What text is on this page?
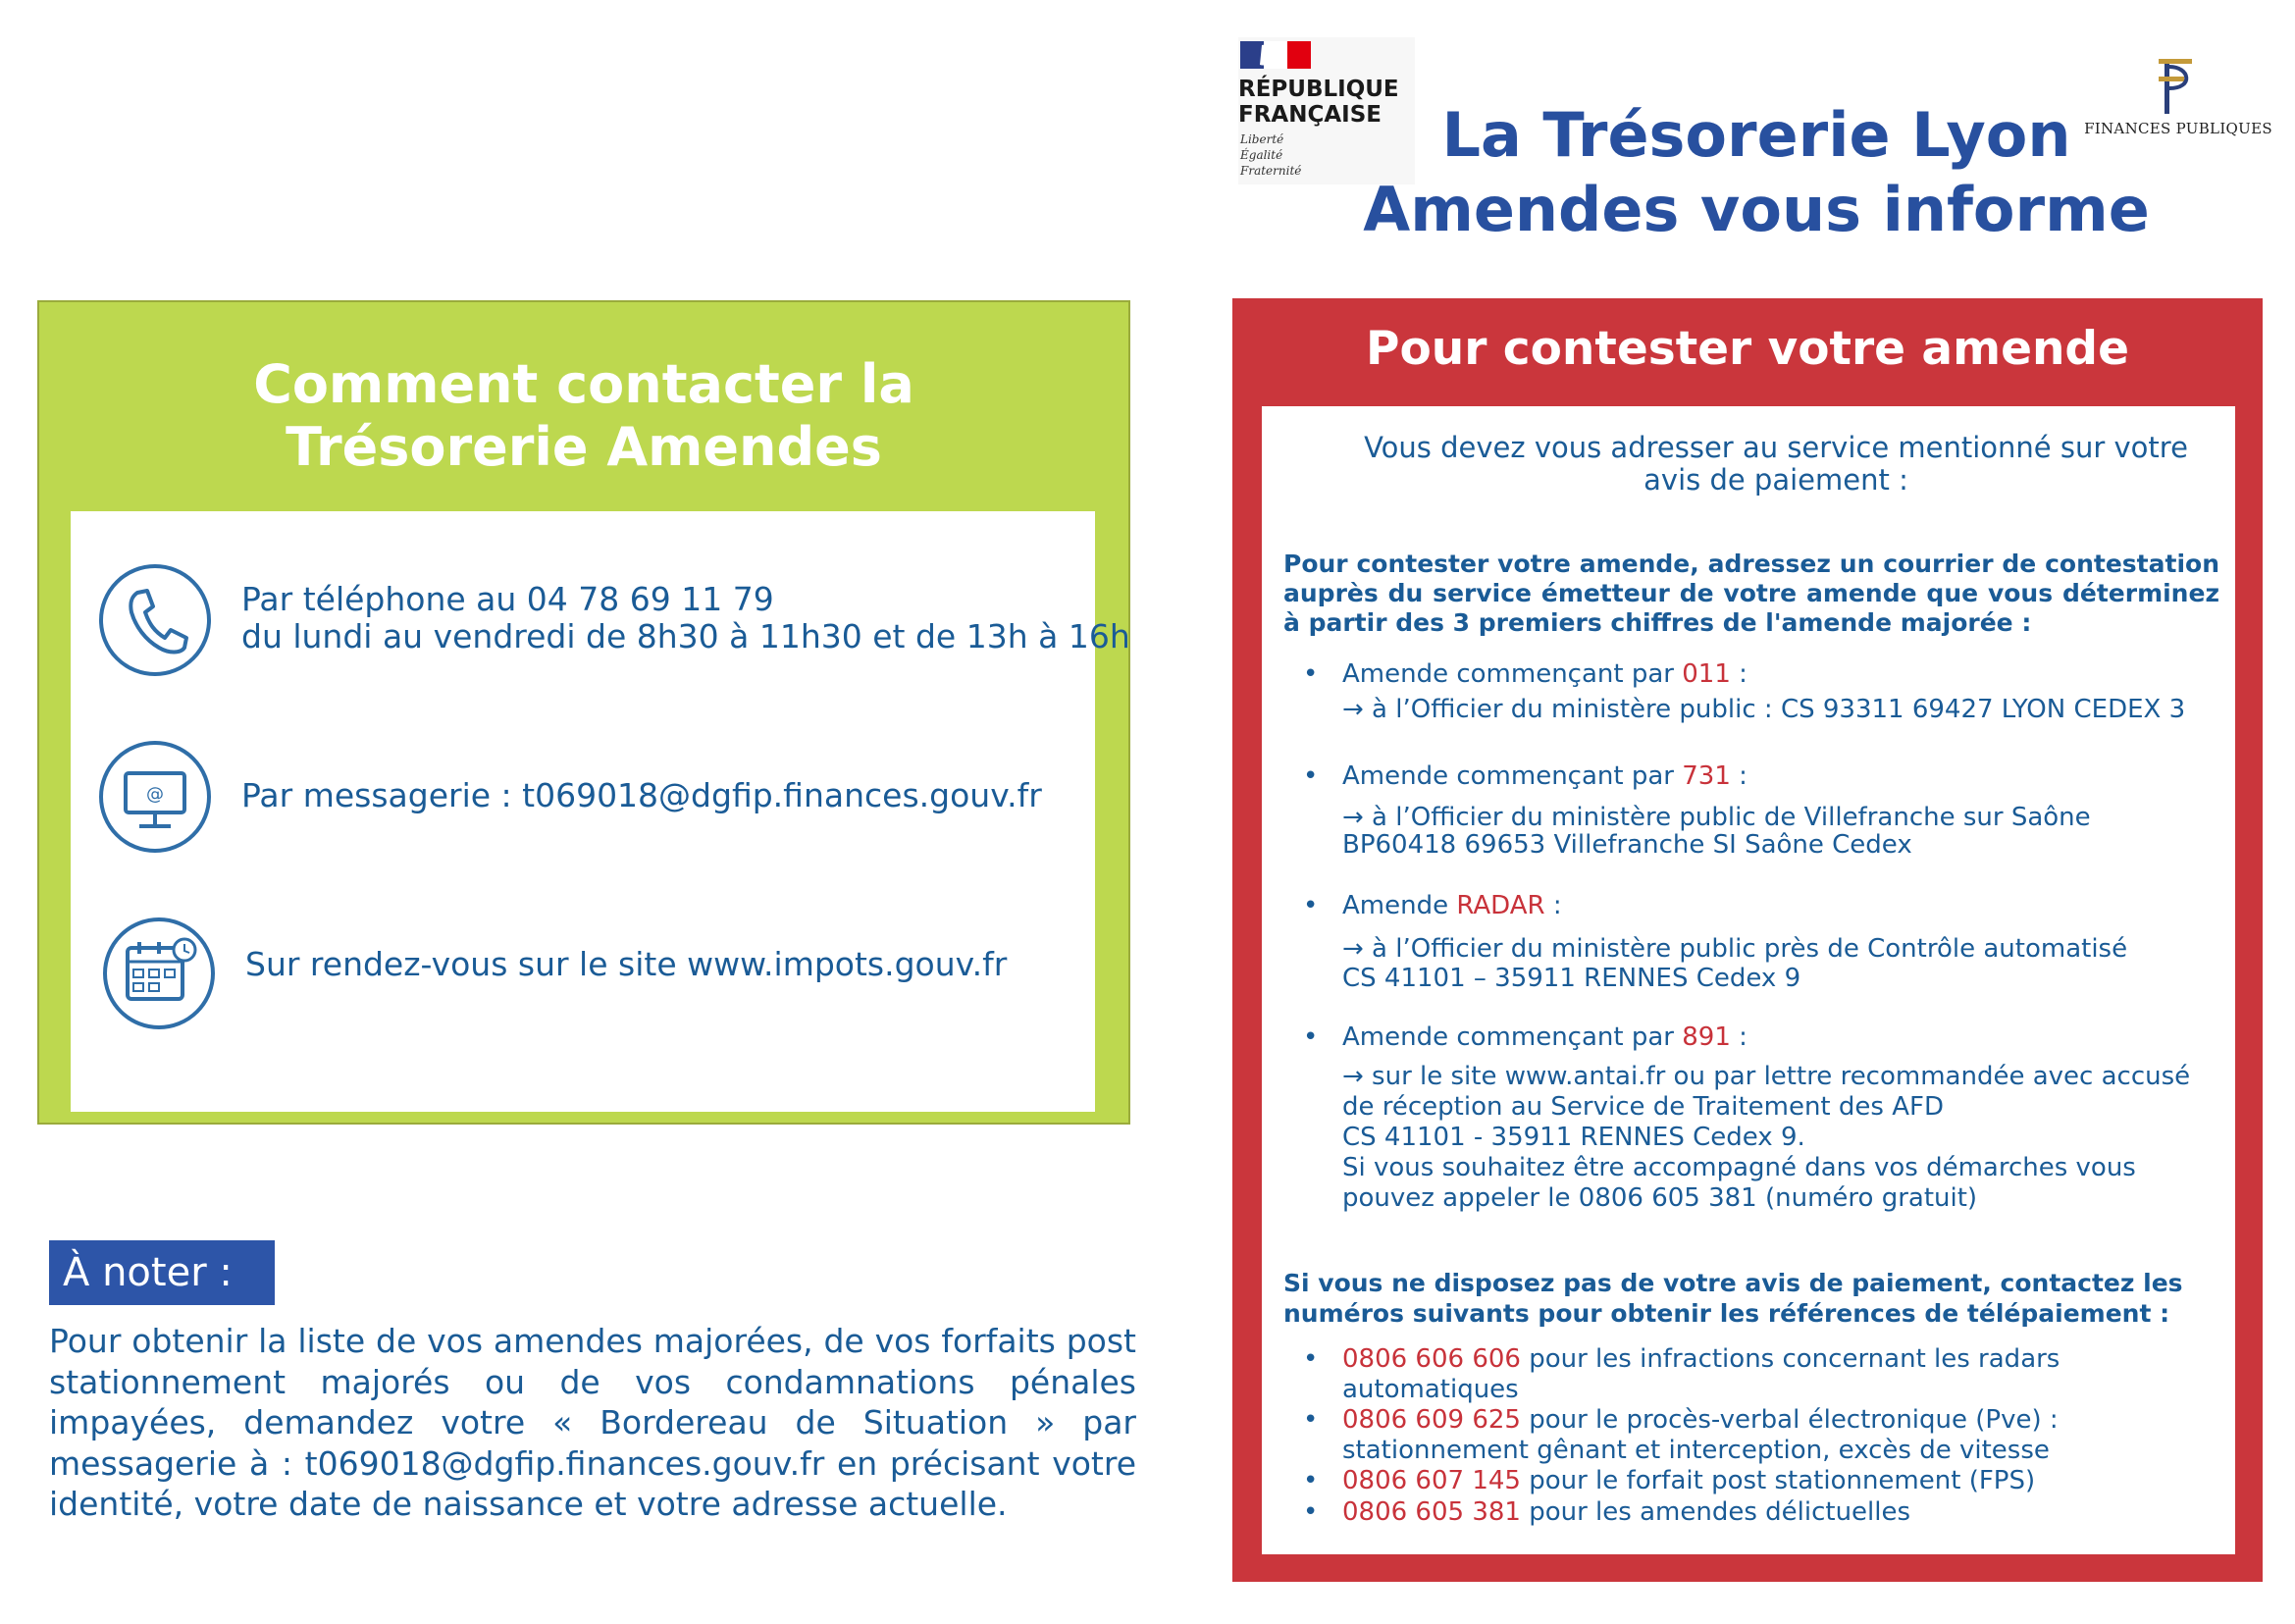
RÉPUBLIQUE
FRANÇAISE
Liberté
Égalité
Fraternité
FINANCES PUBLIQUES
La Trésorerie Lyon
Amendes vous informe
Comment contacter la
Trésorerie Amendes
Par téléphone au 04 78 69 11 79
du lundi au vendredi de 8h30 à 11h30 et de 13h à 16h
@ Par messagerie : t069018@dgfip.finances.gouv.fr
Sur rendez-vous sur le site www.impots.gouv.fr
À noter :
Pour obtenir la liste de vos amendes majorées, de vos forfaits post stationnement majorés ou de vos condamnations pénales impayées, demandez votre « Bordereau de Situation » par messagerie à : t069018@dgfip.finances.gouv.fr en précisant votre identité, votre date de naissance et votre adresse actuelle.
Pour contester votre amende
Vous devez vous adresser au service mentionné sur votre
avis de paiement :
Pour contester votre amende, adressez un courrier de contestation auprès du service émetteur de votre amende que vous déterminez à partir des 3 premiers chiffres de l'amende majorée :
• Amende commençant par 011 :
→ à l’Officier du ministère public : CS 93311 69427 LYON CEDEX 3
• Amende commençant par 731 :
→ à l’Officier du ministère public de Villefranche sur Saône
BP60418 69653 Villefranche SI Saône Cedex
• Amende RADAR :
→ à l’Officier du ministère public près de Contrôle automatisé
CS 41101 – 35911 RENNES Cedex 9
• Amende commençant par 891 :
→ sur le site www.antai.fr ou par lettre recommandée avec accusé
de réception au Service de Traitement des AFD
CS 41101 - 35911 RENNES Cedex 9.
Si vous souhaitez être accompagné dans vos démarches vous
pouvez appeler le 0806 605 381 (numéro gratuit)
Si vous ne disposez pas de votre avis de paiement, contactez les numéros suivants pour obtenir les références de télépaiement :
• 0806 606 606 pour les infractions concernant les radars
automatiques
• 0806 609 625 pour le procès-verbal électronique (Pve) :
stationnement gênant et interception, excès de vitesse
• 0806 607 145 pour le forfait post stationnement (FPS)
• 0806 605 381 pour les amendes délictuelles
